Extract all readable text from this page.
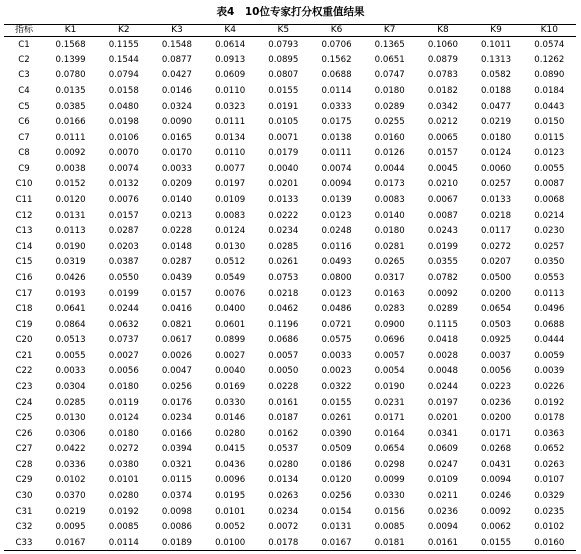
表4　10位专家打分权重值结果
指标	K1	K2	K3	K4	K5	K6	K7	K8	K9	K10
C1	0.1568	0.1155	0.1548	0.0614	0.0793	0.0706	0.1365	0.1060	0.1011	0.0574
C2	0.1399	0.1544	0.0877	0.0913	0.0895	0.1562	0.0651	0.0879	0.1313	0.1262
C3	0.0780	0.0794	0.0427	0.0609	0.0807	0.0688	0.0747	0.0783	0.0582	0.0890
C4	0.0135	0.0158	0.0146	0.0110	0.0155	0.0114	0.0180	0.0182	0.0188	0.0184
C5	0.0385	0.0480	0.0324	0.0323	0.0191	0.0333	0.0289	0.0342	0.0477	0.0443
C6	0.0166	0.0198	0.0090	0.0111	0.0105	0.0175	0.0255	0.0212	0.0219	0.0150
C7	0.0111	0.0106	0.0165	0.0134	0.0071	0.0138	0.0160	0.0065	0.0180	0.0115
C8	0.0092	0.0070	0.0170	0.0110	0.0179	0.0111	0.0126	0.0157	0.0124	0.0123
C9	0.0038	0.0074	0.0033	0.0077	0.0040	0.0074	0.0044	0.0045	0.0060	0.0055
C10	0.0152	0.0132	0.0209	0.0197	0.0201	0.0094	0.0173	0.0210	0.0257	0.0087
C11	0.0120	0.0076	0.0140	0.0109	0.0133	0.0139	0.0083	0.0067	0.0133	0.0068
C12	0.0131	0.0157	0.0213	0.0083	0.0222	0.0123	0.0140	0.0087	0.0218	0.0214
C13	0.0113	0.0287	0.0228	0.0124	0.0234	0.0248	0.0180	0.0243	0.0117	0.0230
C14	0.0190	0.0203	0.0148	0.0130	0.0285	0.0116	0.0281	0.0199	0.0272	0.0257
C15	0.0319	0.0387	0.0287	0.0512	0.0261	0.0493	0.0265	0.0355	0.0207	0.0350
C16	0.0426	0.0550	0.0439	0.0549	0.0753	0.0800	0.0317	0.0782	0.0500	0.0553
C17	0.0193	0.0199	0.0157	0.0076	0.0218	0.0123	0.0163	0.0092	0.0200	0.0113
C18	0.0641	0.0244	0.0416	0.0400	0.0462	0.0486	0.0283	0.0289	0.0654	0.0496
C19	0.0864	0.0632	0.0821	0.0601	0.1196	0.0721	0.0900	0.1115	0.0503	0.0688
C20	0.0513	0.0737	0.0617	0.0899	0.0686	0.0575	0.0696	0.0418	0.0925	0.0444
C21	0.0055	0.0027	0.0026	0.0027	0.0057	0.0033	0.0057	0.0028	0.0037	0.0059
C22	0.0033	0.0056	0.0047	0.0040	0.0050	0.0023	0.0054	0.0048	0.0056	0.0039
C23	0.0304	0.0180	0.0256	0.0169	0.0228	0.0322	0.0190	0.0244	0.0223	0.0226
C24	0.0285	0.0119	0.0176	0.0330	0.0161	0.0155	0.0231	0.0197	0.0236	0.0192
C25	0.0130	0.0124	0.0234	0.0146	0.0187	0.0261	0.0171	0.0201	0.0200	0.0178
C26	0.0306	0.0180	0.0166	0.0280	0.0162	0.0390	0.0164	0.0341	0.0171	0.0363
C27	0.0422	0.0272	0.0394	0.0415	0.0537	0.0509	0.0654	0.0609	0.0268	0.0652
C28	0.0336	0.0380	0.0321	0.0436	0.0280	0.0186	0.0298	0.0247	0.0431	0.0263
C29	0.0102	0.0101	0.0115	0.0096	0.0134	0.0120	0.0099	0.0109	0.0094	0.0107
C30	0.0370	0.0280	0.0374	0.0195	0.0263	0.0256	0.0330	0.0211	0.0246	0.0329
C31	0.0219	0.0192	0.0098	0.0101	0.0234	0.0154	0.0156	0.0236	0.0092	0.0235
C32	0.0095	0.0085	0.0086	0.0052	0.0072	0.0131	0.0085	0.0094	0.0062	0.0102
C33	0.0167	0.0114	0.0189	0.0100	0.0178	0.0167	0.0181	0.0161	0.0155	0.0160
